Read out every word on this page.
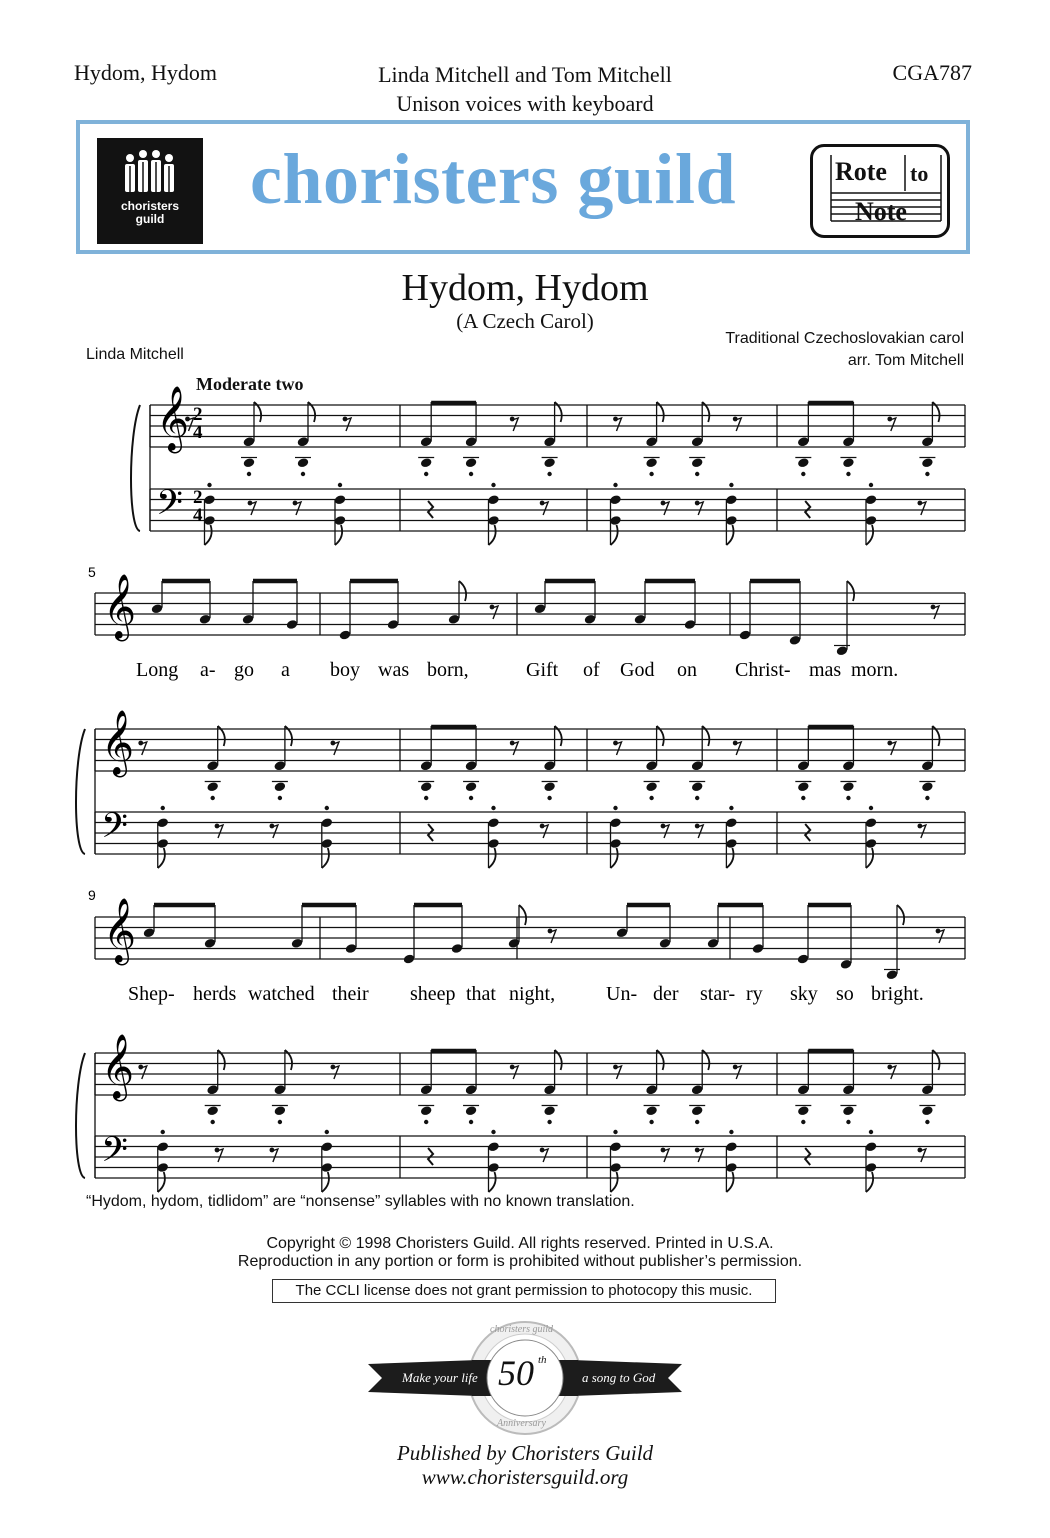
Hydom, Hydom	Linda Mitchell and Tom Mitchell
Unison voices with keyboard
CGA787
choristers
guild	choristers guild	Rote to
Note
Hydom, Hydom
(A Czech Carol)
Linda Mitchell
Traditional Czechoslovakian carol
arr. Tom Mitchell
Moderate two
𝄞
𝄢
𝄞
𝄞
𝄢
𝄞
𝄞
𝄢
5
9
2
4
2
4
Long a- go a boy was born,	Gift of God on Christ- mas morn.
Shep- herds watched their sheep that night,	Un- der star- ry sky so bright.
“Hydom, hydom, tidlidom” are “nonsense” syllables with no known translation.
Copyright © 1998 Choristers Guild. All rights reserved. Printed in U.S.A.
Reproduction in any portion or form is prohibited without publisher’s permission.
The CCLI license does not grant permission to photocopy this music.
Make your life	a song to God
50 th
choristers guild
Anniversary
Published by Choristers Guild
www.choristersguild.org
